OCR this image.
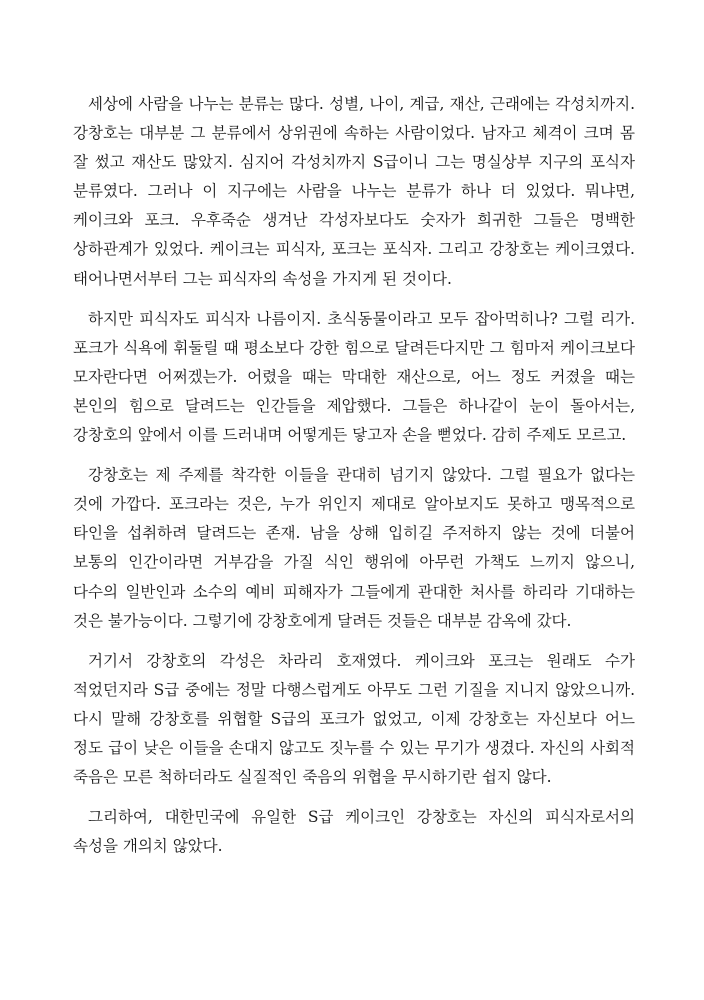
세상에 사람을 나누는 분류는 많다. 성별, 나이, 계급, 재산, 근래에는 각성치까지. 강창호는 대부분 그 분류에서 상위권에 속하는 사람이었다. 남자고 체격이 크며 몸 잘 썼고 재산도 많았지. 심지어 각성치까지 S급이니 그는 명실상부 지구의 포식자 분류였다. 그러나 이 지구에는 사람을 나누는 분류가 하나 더 있었다. 뭐냐면, 케이크와 포크. 우후죽순 생겨난 각성자보다도 숫자가 희귀한 그들은 명백한 상하관계가 있었다. 케이크는 피식자, 포크는 포식자. 그리고 강창호는 케이크였다. 태어나면서부터 그는 피식자의 속성을 가지게 된 것이다.

하지만 피식자도 피식자 나름이지. 초식동물이라고 모두 잡아먹히나? 그럴 리가. 포크가 식욕에 휘둘릴 때 평소보다 강한 힘으로 달려든다지만 그 힘마저 케이크보다 모자란다면 어쩌겠는가. 어렸을 때는 막대한 재산으로, 어느 정도 커졌을 때는 본인의 힘으로 달려드는 인간들을 제압했다. 그들은 하나같이 눈이 돌아서는, 강창호의 앞에서 이를 드러내며 어떻게든 닿고자 손을 뻗었다. 감히 주제도 모르고.

강창호는 제 주제를 착각한 이들을 관대히 넘기지 않았다. 그럴 필요가 없다는 것에 가깝다. 포크라는 것은, 누가 위인지 제대로 알아보지도 못하고 맹목적으로 타인을 섭취하려 달려드는 존재. 남을 상해 입히길 주저하지 않는 것에 더불어 보통의 인간이라면 거부감을 가질 식인 행위에 아무런 가책도 느끼지 않으니, 다수의 일반인과 소수의 예비 피해자가 그들에게 관대한 처사를 하리라 기대하는 것은 불가능이다. 그렇기에 강창호에게 달려든 것들은 대부분 감옥에 갔다.

거기서 강창호의 각성은 차라리 호재였다. 케이크와 포크는 원래도 수가 적었던지라 S급 중에는 정말 다행스럽게도 아무도 그런 기질을 지니지 않았으니까. 다시 말해 강창호를 위협할 S급의 포크가 없었고, 이제 강창호는 자신보다 어느 정도 급이 낮은 이들을 손대지 않고도 짓누를 수 있는 무기가 생겼다. 자신의 사회적 죽음은 모른 척하더라도 실질적인 죽음의 위협을 무시하기란 쉽지 않다.

그리하여, 대한민국에 유일한 S급 케이크인 강창호는 자신의 피식자로서의 속성을 개의치 않았다.
